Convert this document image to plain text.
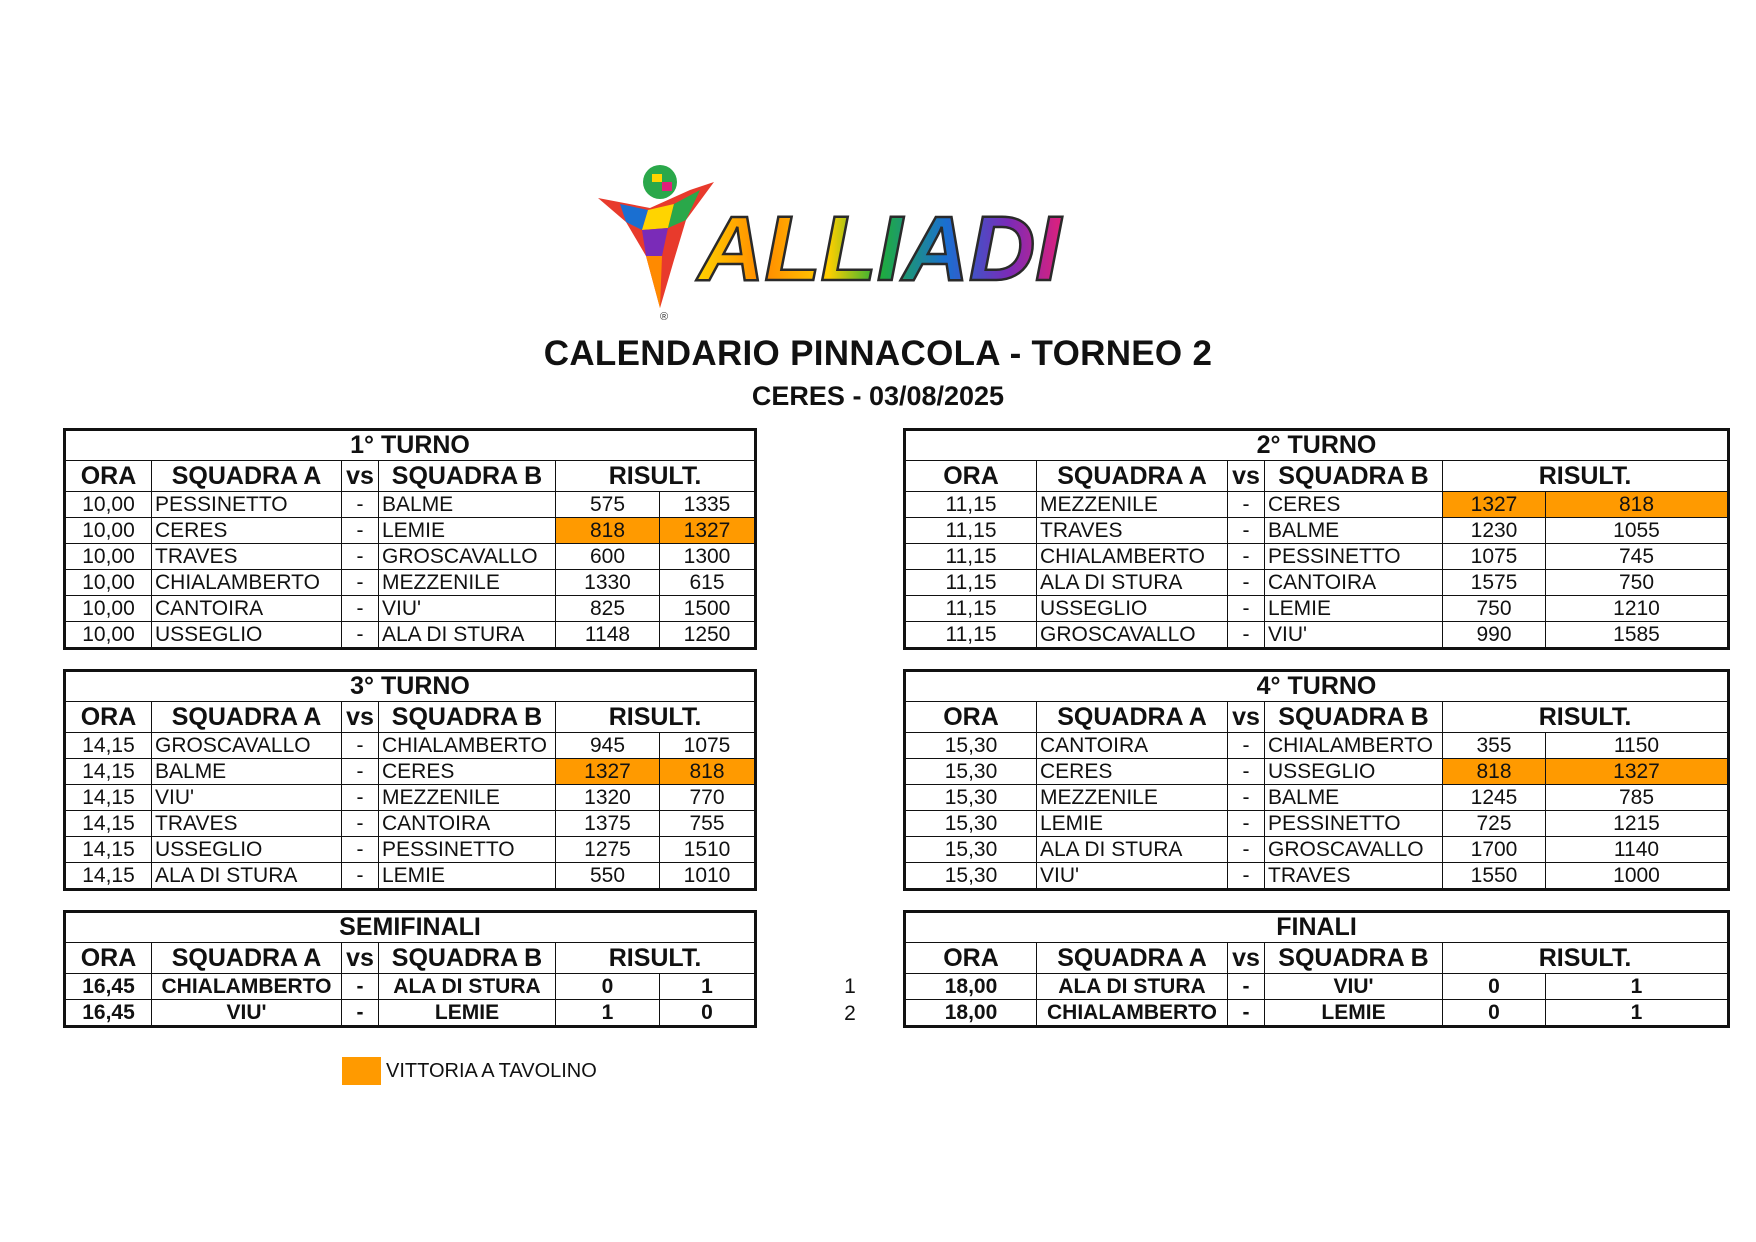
®
ALLIADI
CALENDARIO PINNACOLA - TORNEO 2
CERES - 03/08/2025
1° TURNO					
ORA	SQUADRA A	vs	SQUADRA B	RISULT.	
10,00	PESSINETTO	-	BALME	575	1335
10,00	CERES	-	LEMIE	818	1327
10,00	TRAVES	-	GROSCAVALLO	600	1300
10,00	CHIALAMBERTO	-	MEZZENILE	1330	615
10,00	CANTOIRA	-	VIU'	825	1500
10,00	USSEGLIO	-	ALA DI STURA	1148	1250
2° TURNO					
ORA	SQUADRA A	vs	SQUADRA B	RISULT.	
11,15	MEZZENILE	-	CERES	1327	818
11,15	TRAVES	-	BALME	1230	1055
11,15	CHIALAMBERTO	-	PESSINETTO	1075	745
11,15	ALA DI STURA	-	CANTOIRA	1575	750
11,15	USSEGLIO	-	LEMIE	750	1210
11,15	GROSCAVALLO	-	VIU'	990	1585
3° TURNO					
ORA	SQUADRA A	vs	SQUADRA B	RISULT.	
14,15	GROSCAVALLO	-	CHIALAMBERTO	945	1075
14,15	BALME	-	CERES	1327	818
14,15	VIU'	-	MEZZENILE	1320	770
14,15	TRAVES	-	CANTOIRA	1375	755
14,15	USSEGLIO	-	PESSINETTO	1275	1510
14,15	ALA DI STURA	-	LEMIE	550	1010
4° TURNO					
ORA	SQUADRA A	vs	SQUADRA B	RISULT.	
15,30	CANTOIRA	-	CHIALAMBERTO	355	1150
15,30	CERES	-	USSEGLIO	818	1327
15,30	MEZZENILE	-	BALME	1245	785
15,30	LEMIE	-	PESSINETTO	725	1215
15,30	ALA DI STURA	-	GROSCAVALLO	1700	1140
15,30	VIU'	-	TRAVES	1550	1000
SEMIFINALI					
ORA	SQUADRA A	vs	SQUADRA B	RISULT.	
16,45	CHIALAMBERTO	-	ALA DI STURA	0	1
16,45	VIU'	-	LEMIE	1	0
FINALI					
ORA	SQUADRA A	vs	SQUADRA B	RISULT.	
18,00	ALA DI STURA	-	VIU'	0	1
18,00	CHIALAMBERTO	-	LEMIE	0	1
1
2
VITTORIA A TAVOLINO
